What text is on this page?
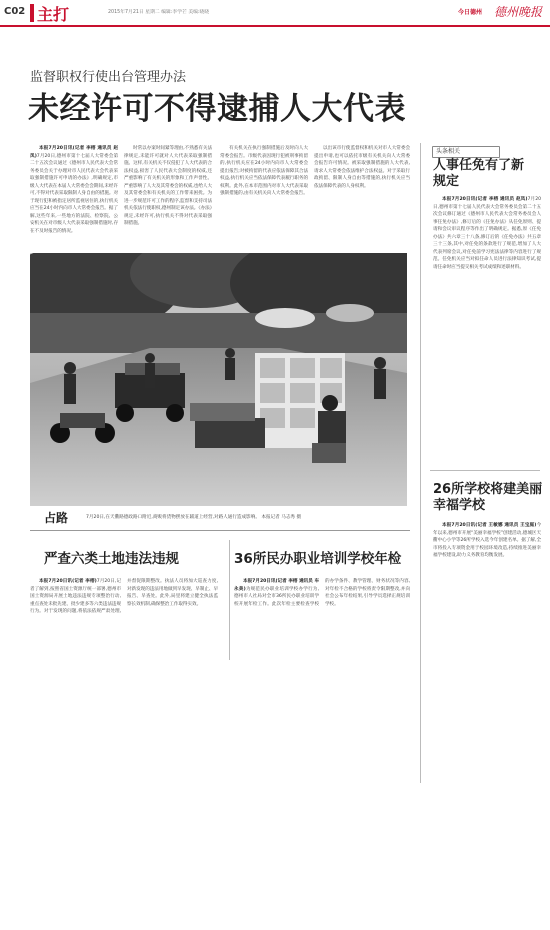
C02 主打	2015年7月21日 星期二 编辑:李学芒 美编:晓晓	今日德州 德州晚报
监督职权行使出台管理办法
未经许可不得逮捕人大代表

本报7月20日讯(记者 李榕 通讯员 赵凤)7月20日,德州市第十七届人大常委会第二十五次会议通过《德州市人民代表大会常务委员会关于办理对市人民代表大会代表采取强制措施许可申请的办法》,明确规定,市级人大代表在本届人大常委会会期间,未经许可,不得对代表采取限制人身自由的措施。对于现行犯和被指定居所监视居住的,执行机关应当在24小时内向市人大常委会报告。据了解,这些年来,一些地方的法院、检察院、公安机关在对市级人大代表采取强制措施时,存在不及时报告的情况。

时常以办案时间紧等理由,不熟悉有关法律规定,未能许可就对人大代表采取强制措施。这样,有关机关不仅侵犯了人大代表的合法权益,损害了人民代表大会制度的权威,还严重影响了有关机关的形象和工作声誉性。严重影响了人大及其常委会的权威,也给人大及其常委会和有关机关的工作带来困扰。为进一步规范许可工作的程序,监督和支持司法机关依法行使职权,德州制定该办法。《办法》规定,未经许可,执行机关不得对代表采取强制措施。

有关机关在执行强制措施后及时向人大常委会报告。市级代表因现行犯被刑事拘留的,执行机关应在24小时内向市人大常委会提出报告;对被拘留的代表应依法保障其合法权益,执行机关应当依法保障代表履行职务的权利。此外,在本市范围内对市人大代表采取强制措施的,由有关机关向人大常委会报告。

以出该市行使监督权和机关对市人大常委会提出申请,也可以依托市级有关机关向人大常委会报告许可情况。被采取强制措施的人大代表,请求人大常委会依法维护合法权益。对于采取行政拘留、限制人身自由等措施的,执行机关应当依法保障代表的人身权利。

占路	7月20日,在天衢路德政路口附近,商贩将货物摆放在辅道上经营,对路人通行造成影响。 本报记者 马志秀 摄
头条相关
人事任免有了新规定

本报7月20日讯(记者 李榕 通讯员 赵凤)7月20日,德州市第十七届人民代表大会常务委员会第二十五次会议修订通过《德州市人民代表大会常务委员会人事任免办法》,修订后的《任免办法》从任免原则、提请和会议审议程序等作出了明确规定。据悉,原《任免办法》共六章三十八条,修订后的《任免办法》共五章三十三条,其中,对任免的条款进行了规范,增加了人大代表列席会议,对任免前学习宪法法律等内容进行了规范。任免机关应当对拟任命人员进行法律知识考试,提请任命时应当提交相关考试成绩和述职材料。

26所学校将建美丽幸福学校

本报7月20日讯(记者 王敏娜 通讯员 王宝庭)今年以来,德州市开展“美丽幸福学校”创建活动,德城区天衢中心小学等26所学校入选今年创建名单。据了解,全市将投入专项资金用于校园环境改造,持续推进美丽幸福学校建设,助力义务教育均衡发展。

严查六类土地违法违规	36所民办职业培训学校年检

本报7月20日讯(记者 李榕)7月20日,记者了解到,按照省国土资源厅统一部署,德州市国土资源局开展土地违法违规专项整治行动,重点查处未批先建、批少建多等六类违法违规行为。对于发现的问题,将依法依规严肃处理,并督促限期整改。执法人员将加大巡查力度,对新发现的违法用地做到早发现、早制止、早报告、早查处。此外,局里将建立健全执法监察长效机制,确保整治工作取得实效。

本报7月20日讯(记者 李榕 通讯员 车永美)为规范民办职业培训学校办学行为,德州市人社局对全市36所民办职业培训学校开展年检工作。此次年检主要检查学校的办学条件、教学管理、财务状况等内容,对年检不合格的学校将责令限期整改,并向社会公布年检结果,引导学员选择正规培训学校。
